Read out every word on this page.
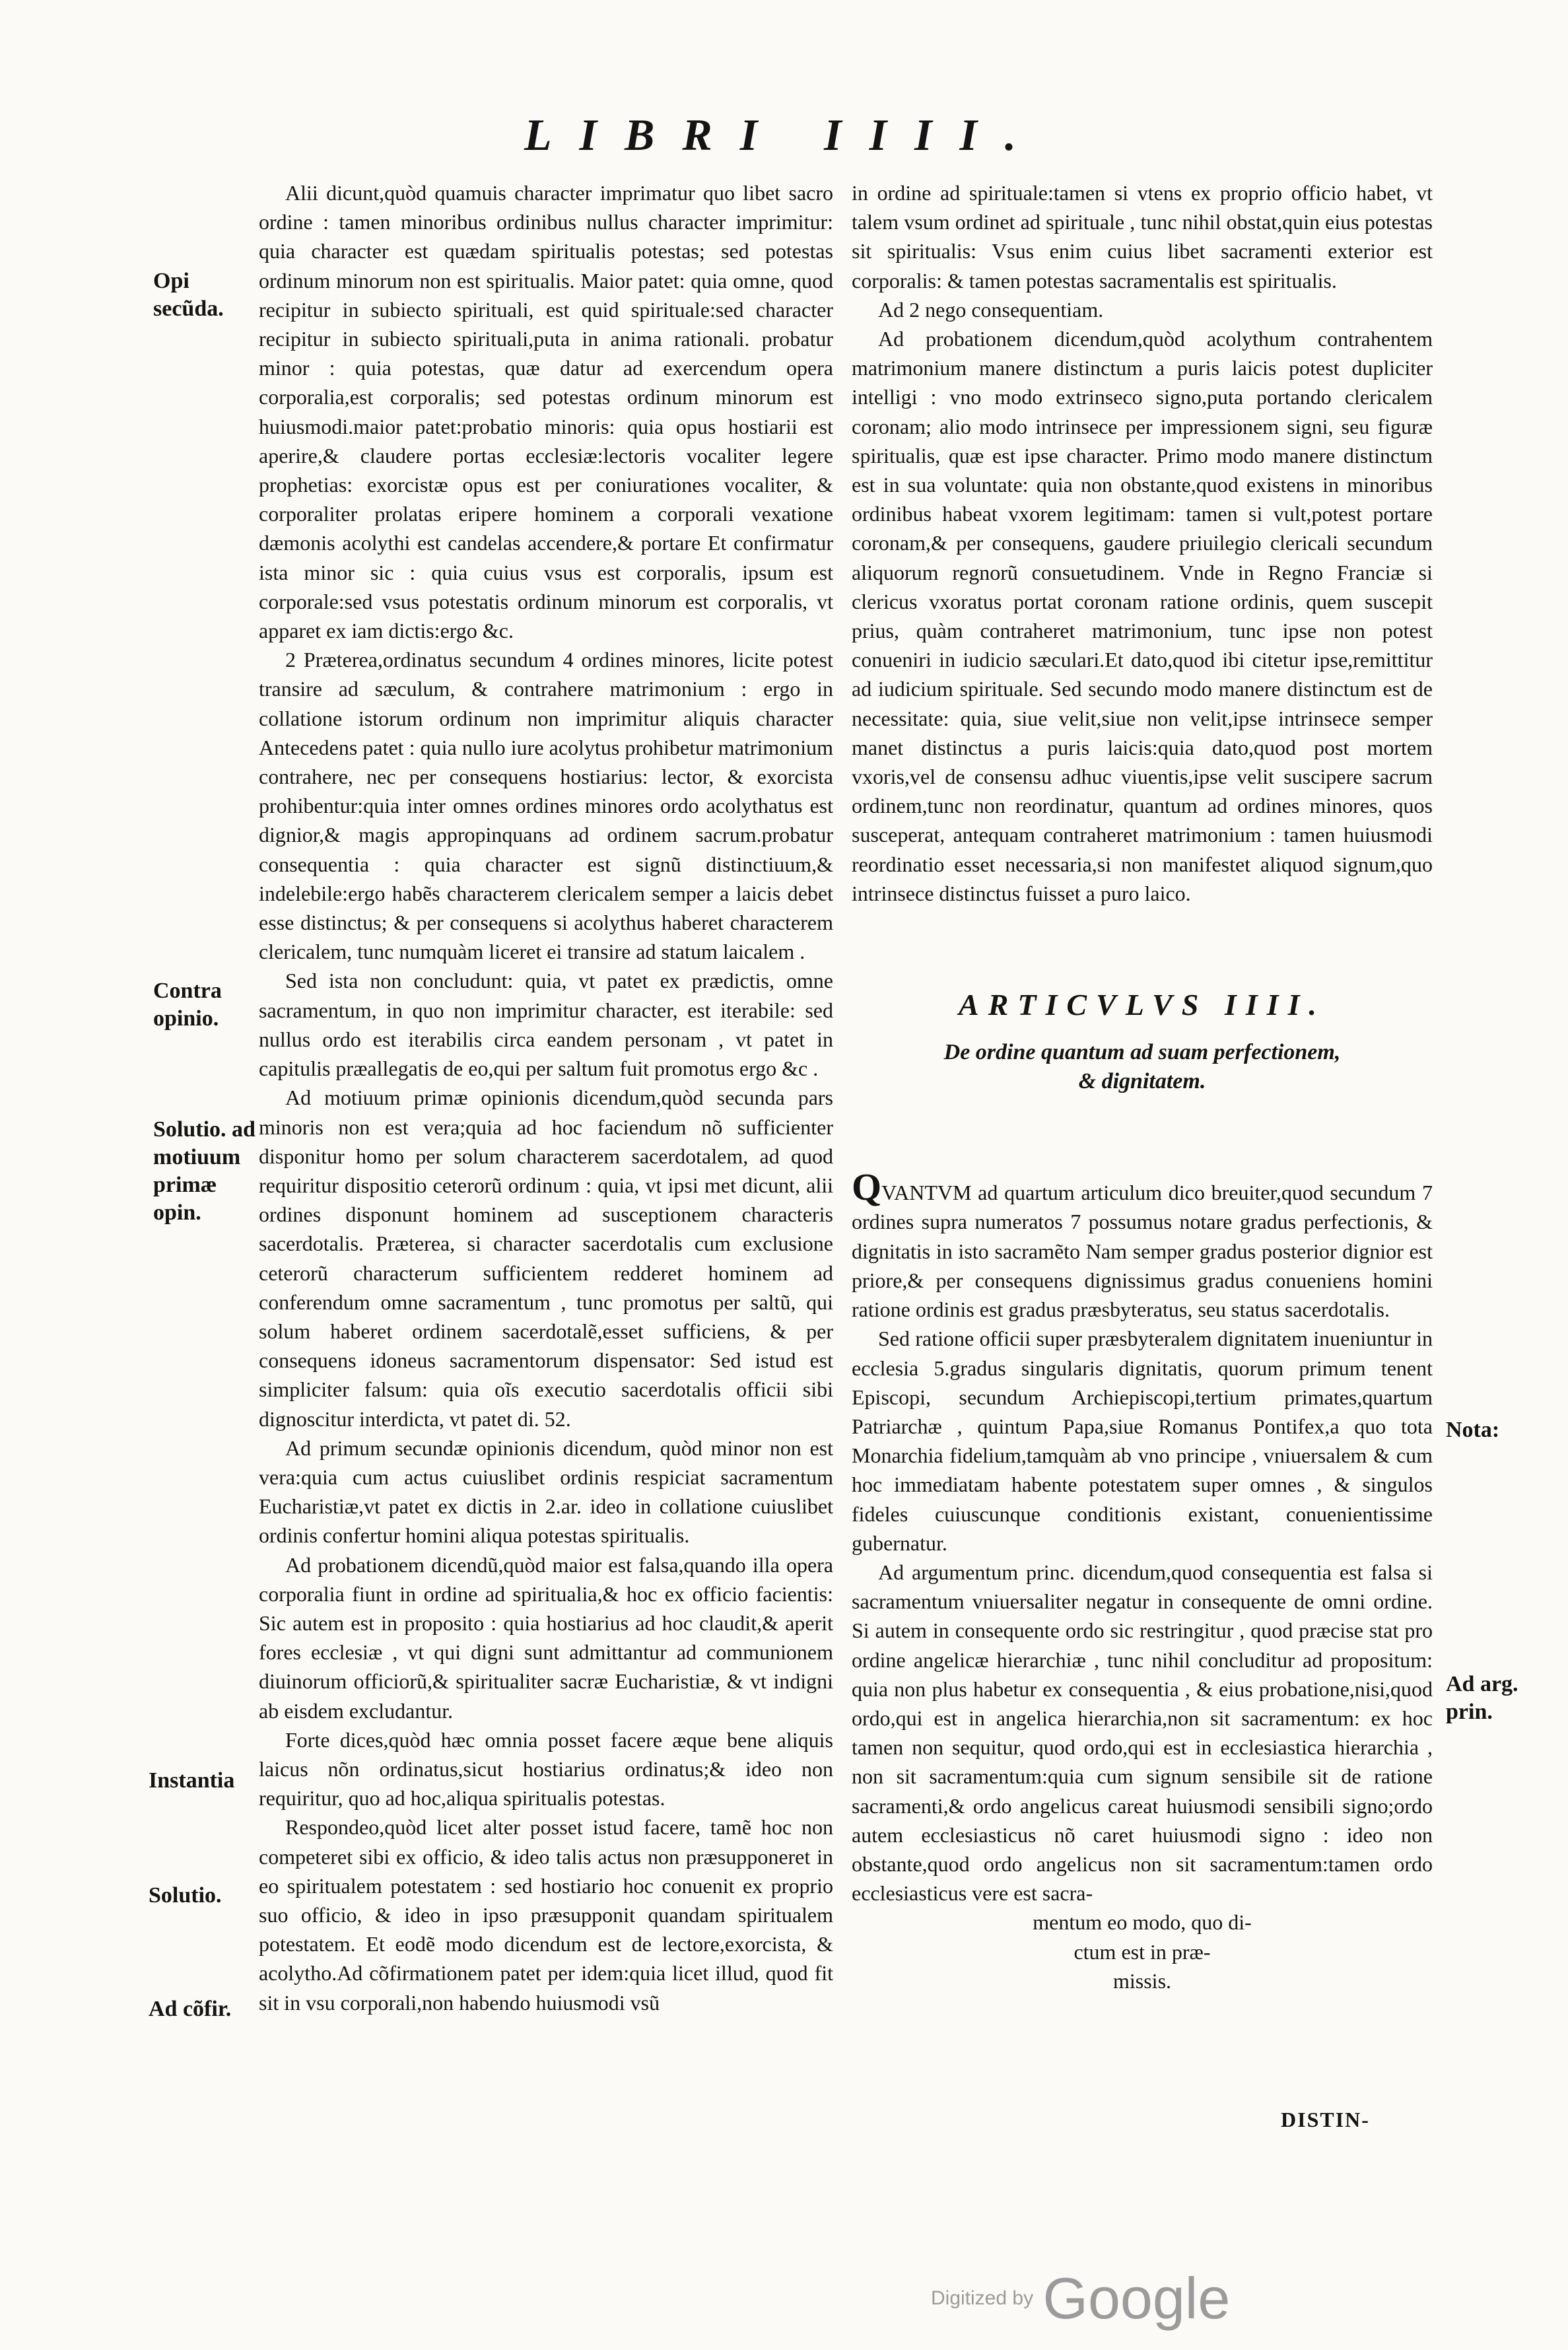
LIBRI IIII.
Opi secũda.
Contra opinio.
Solutio. ad motiuum primæ opin.
Instantia
Solutio.
Ad cõfir.
Nota:
Ad arg. prin.

Alii dicunt,quòd quamuis character imprimatur quo libet sacro ordine : tamen minoribus ordinibus nullus character imprimitur: quia character est quædam spiritualis potestas; sed potestas ordinum minorum non est spiritualis. Maior patet: quia omne, quod recipitur in subiecto spirituali, est quid spirituale:sed character recipitur in subiecto spirituali,puta in anima rationali. probatur minor : quia potestas, quæ datur ad exercendum opera corporalia,est corporalis; sed potestas ordinum minorum est huiusmodi.maior patet:probatio minoris: quia opus hostiarii est aperire,& claudere portas ecclesiæ:lectoris vocaliter legere prophetias: exorcistæ opus est per coniurationes vocaliter, & corporaliter prolatas eripere hominem a corporali vexatione dæmonis acolythi est candelas accendere,& portare Et confirmatur ista minor sic : quia cuius vsus est corporalis, ipsum est corporale:sed vsus potestatis ordinum minorum est corporalis, vt apparet ex iam dictis:ergo &c.

2 Præterea,ordinatus secundum 4 ordines minores, licite potest transire ad sæculum, & contrahere matrimonium : ergo in collatione istorum ordinum non imprimitur aliquis character Antecedens patet : quia nullo iure acolytus prohibetur matrimonium contrahere, nec per consequens hostiarius: lector, & exorcista prohibentur:quia inter omnes ordines minores ordo acolythatus est dignior,& magis appropinquans ad ordinem sacrum.probatur consequentia : quia character est signũ distinctiuum,& indelebile:ergo habẽs characterem clericalem semper a laicis debet esse distinctus; & per consequens si acolythus haberet characterem clericalem, tunc numquàm liceret ei transire ad statum laicalem .

Sed ista non concludunt: quia, vt patet ex prædictis, omne sacramentum, in quo non imprimitur character, est iterabile: sed nullus ordo est iterabilis circa eandem personam , vt patet in capitulis præallegatis de eo,qui per saltum fuit promotus ergo &c .

Ad motiuum primæ opinionis dicendum,quòd secunda pars minoris non est vera;quia ad hoc faciendum nõ sufficienter disponitur homo per solum characterem sacerdotalem, ad quod requiritur dispositio ceterorũ ordinum : quia, vt ipsi met dicunt, alii ordines disponunt hominem ad susceptionem characteris sacerdotalis. Præterea, si character sacerdotalis cum exclusione ceterorũ characterum sufficientem redderet hominem ad conferendum omne sacramentum , tunc promotus per saltũ, qui solum haberet ordinem sacerdotalẽ,esset sufficiens, & per consequens idoneus sacramentorum dispensator: Sed istud est simpliciter falsum: quia oĩs executio sacerdotalis officii sibi dignoscitur interdicta, vt patet di. 52.

Ad primum secundæ opinionis dicendum, quòd minor non est vera:quia cum actus cuiuslibet ordinis respiciat sacramentum Eucharistiæ,vt patet ex dictis in 2.ar. ideo in collatione cuiuslibet ordinis confertur homini aliqua potestas spiritualis.

Ad probationem dicendũ,quòd maior est falsa,quando illa opera corporalia fiunt in ordine ad spiritualia,& hoc ex officio facientis: Sic autem est in proposito : quia hostiarius ad hoc claudit,& aperit fores ecclesiæ , vt qui digni sunt admittantur ad communionem diuinorum officiorũ,& spiritualiter sacræ Eucharistiæ, & vt indigni ab eisdem excludantur.

Forte dices,quòd hæc omnia posset facere æque bene aliquis laicus nõn ordinatus,sicut hostiarius ordinatus;& ideo non requiritur, quo ad hoc,aliqua spiritualis potestas.

Respondeo,quòd licet alter posset istud facere, tamẽ hoc non competeret sibi ex officio, & ideo talis actus non præsupponeret in eo spiritualem potestatem : sed hostiario hoc conuenit ex proprio suo officio, & ideo in ipso præsupponit quandam spiritualem potestatem. Et eodẽ modo dicendum est de lectore,exorcista, & acolytho.Ad cõfirmationem patet per idem:quia licet illud, quod fit sit in vsu corporali,non habendo huiusmodi vsũ

in ordine ad spirituale:tamen si vtens ex proprio officio habet, vt talem vsum ordinet ad spirituale , tunc nihil obstat,quin eius potestas sit spiritualis: Vsus enim cuius libet sacramenti exterior est corporalis: & tamen potestas sacramentalis est spiritualis.

Ad 2 nego consequentiam.

Ad probationem dicendum,quòd acolythum contrahentem matrimonium manere distinctum a puris laicis potest dupliciter intelligi : vno modo extrinseco signo,puta portando clericalem coronam; alio modo intrinsece per impressionem signi, seu figuræ spiritualis, quæ est ipse character. Primo modo manere distinctum est in sua voluntate: quia non obstante,quod existens in minoribus ordinibus habeat vxorem legitimam: tamen si vult,potest portare coronam,& per consequens, gaudere priuilegio clericali secundum aliquorum regnorũ consuetudinem. Vnde in Regno Franciæ si clericus vxoratus portat coronam ratione ordinis, quem suscepit prius, quàm contraheret matrimonium, tunc ipse non potest conueniri in iudicio sæculari.Et dato,quod ibi citetur ipse,remittitur ad iudicium spirituale. Sed secundo modo manere distinctum est de necessitate: quia, siue velit,siue non velit,ipse intrinsece semper manet distinctus a puris laicis:quia dato,quod post mortem vxoris,vel de consensu adhuc viuentis,ipse velit suscipere sacrum ordinem,tunc non reordinatur, quantum ad ordines minores, quos susceperat, antequam contraheret matrimonium : tamen huiusmodi reordinatio esset necessaria,si non manifestet aliquod signum,quo intrinsece distinctus fuisset a puro laico.

ARTICVLVS IIII.
De ordine quantum ad suam perfectionem,
& dignitatem.

QVANTVM ad quartum articulum dico breuiter,quod secundum 7 ordines supra numeratos 7 possumus notare gradus perfectionis, & dignitatis in isto sacramẽto Nam semper gradus posterior dignior est priore,& per consequens dignissimus gradus conueniens homini ratione ordinis est gradus præsbyteratus, seu status sacerdotalis.

Sed ratione officii super præsbyteralem dignitatem inueniuntur in ecclesia 5.gradus singularis dignitatis, quorum primum tenent Episcopi, secundum Archiepiscopi,tertium primates,quartum Patriarchæ , quintum Papa,siue Romanus Pontifex,a quo tota Monarchia fidelium,tamquàm ab vno principe , vniuersalem & cum hoc immediatam habente potestatem super omnes , & singulos fideles cuiuscunque conditionis existant, conuenientissime gubernatur.

Ad argumentum princ. dicendum,quod consequentia est falsa si sacramentum vniuersaliter negatur in consequente de omni ordine. Si autem in consequente ordo sic restringitur , quod præcise stat pro ordine angelicæ hierarchiæ , tunc nihil concluditur ad propositum: quia non plus habetur ex consequentia , & eius probatione,nisi,quod ordo,qui est in angelica hierarchia,non sit sacramentum: ex hoc tamen non sequitur, quod ordo,qui est in ecclesiastica hierarchia , non sit sacramentum:quia cum signum sensibile sit de ratione sacramenti,& ordo angelicus careat huiusmodi sensibili signo;ordo autem ecclesiasticus nõ caret huiusmodi signo : ideo non obstante,quod ordo angelicus non sit sacramentum:tamen ordo ecclesiasticus vere est sacra-

mentum eo modo, quo di-

ctum est in præ-

missis.

DISTIN-
Digitized by Google
